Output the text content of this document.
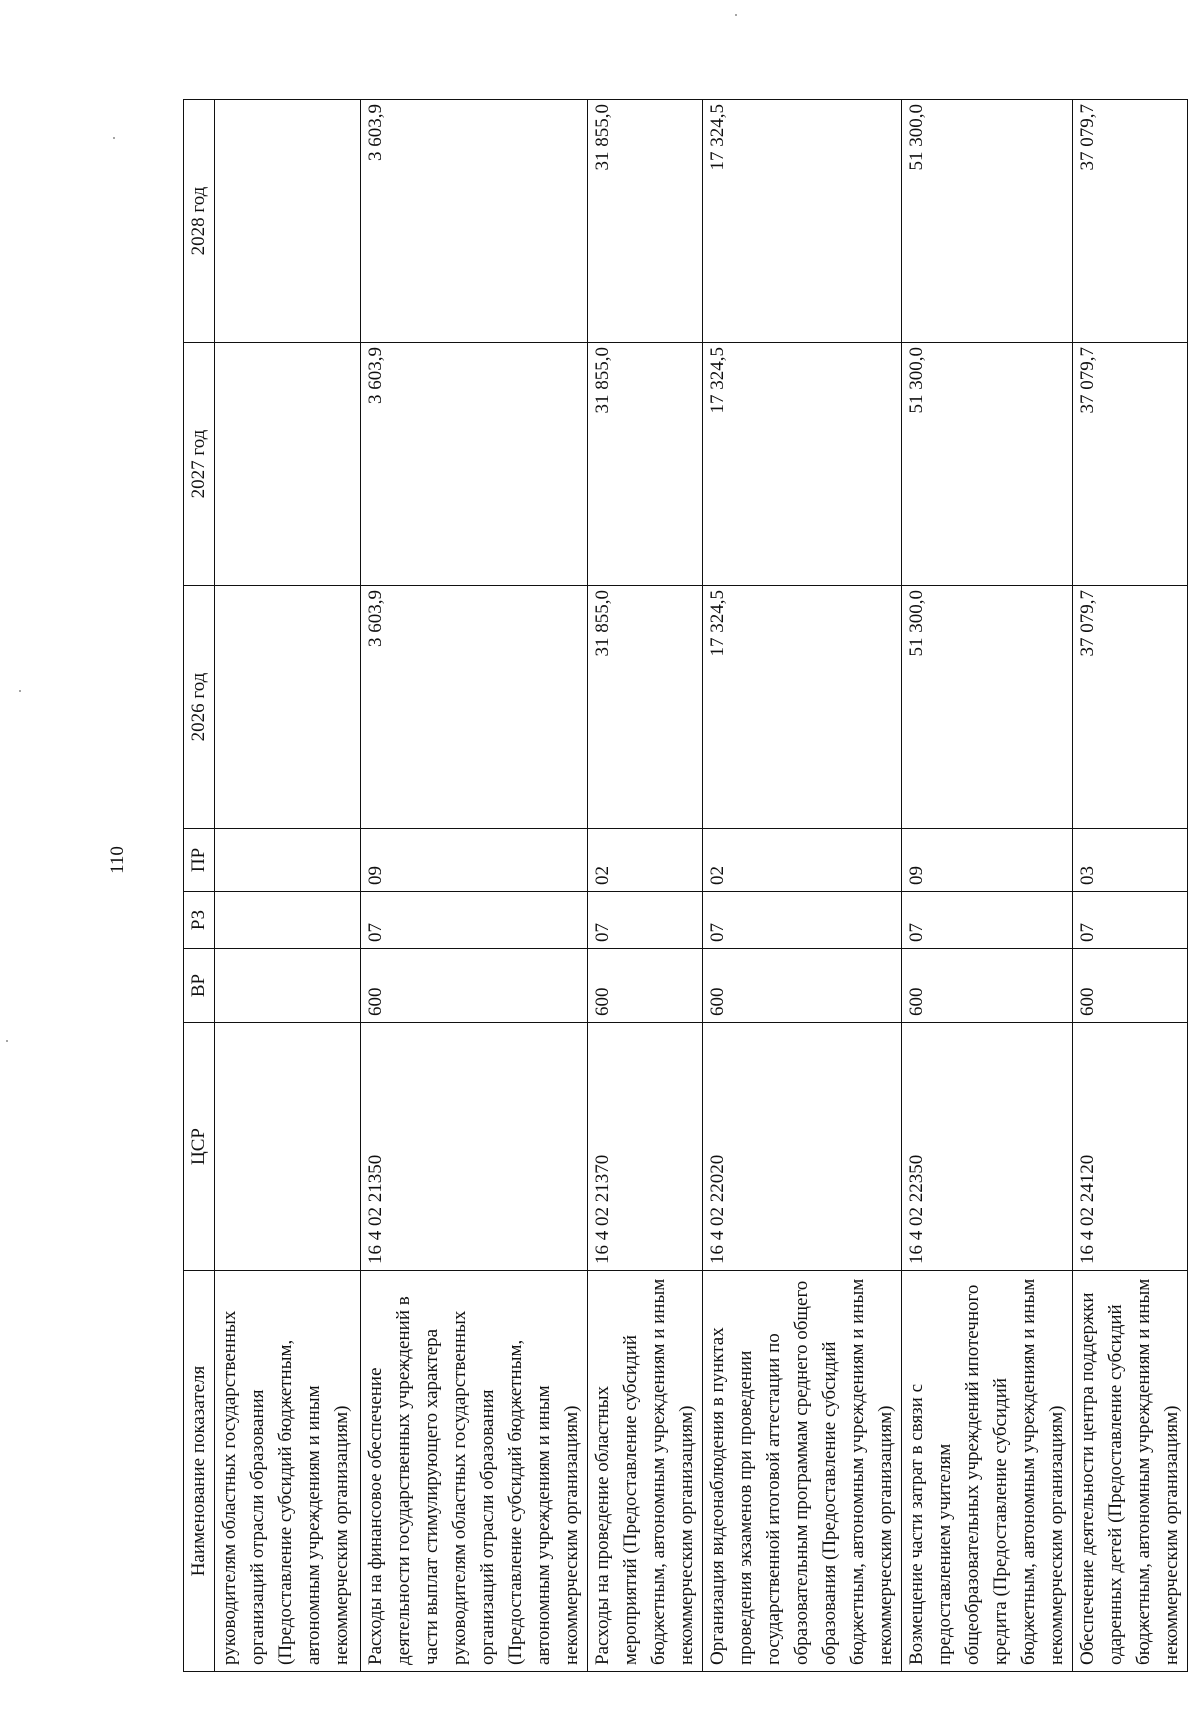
110
Наименование показателя	ЦСР	ВР	РЗ	ПР	2026 год	2027 год	2028 год
руководителям областных государственных организаций отрасли образования (Предоставление субсидий бюджетным, автономным учреждениям и иным некоммерческим организациям)							
Расходы на финансовое обеспечение деятельности государственных учреждений в части выплат стимулирующего характера руководителям областных государственных организаций отрасли образования (Предоставление субсидий бюджетным, автономным учреждениям и иным некоммерческим организациям)	16 4 02 21350	600	07	09	3 603,9	3 603,9	3 603,9
Расходы на проведение областных мероприятий (Предоставление субсидий бюджетным, автономным учреждениям и иным некоммерческим организациям)	16 4 02 21370	600	07	02	31 855,0	31 855,0	31 855,0
Организация видеонаблюдения в пунктах проведения экзаменов при проведении государственной итоговой аттестации по образовательным программам среднего общего образования (Предоставление субсидий бюджетным, автономным учреждениям и иным некоммерческим организациям)	16 4 02 22020	600	07	02	17 324,5	17 324,5	17 324,5
Возмещение части затрат в связи с предоставлением учителям общеобразовательных учреждений ипотечного кредита (Предоставление субсидий бюджетным, автономным учреждениям и иным некоммерческим организациям)	16 4 02 22350	600	07	09	51 300,0	51 300,0	51 300,0
Обеспечение деятельности центра поддержки одаренных детей (Предоставление субсидий бюджетным, автономным учреждениям и иным некоммерческим организациям)	16 4 02 24120	600	07	03	37 079,7	37 079,7	37 079,7
